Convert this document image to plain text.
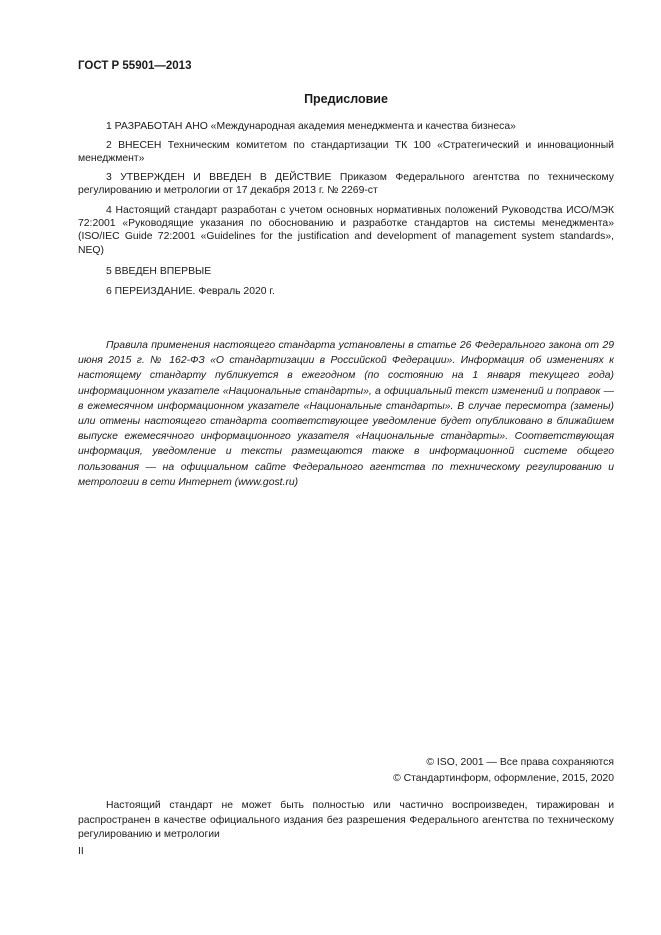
ГОСТ Р 55901—2013
Предисловие

1 РАЗРАБОТАН АНО «Международная академия менеджмента и качества бизнеса»

2 ВНЕСЕН Техническим комитетом по стандартизации ТК 100 «Стратегический и инновационный менеджмент»

3 УТВЕРЖДЕН И ВВЕДЕН В ДЕЙСТВИЕ Приказом Федерального агентства по техническому регулированию и метрологии от 17 декабря 2013 г. № 2269-ст

4 Настоящий стандарт разработан с учетом основных нормативных положений Руководства ИСО/МЭК 72:2001 «Руководящие указания по обоснованию и разработке стандартов на системы менеджмента» (ISO/IEC Guide 72:2001 «Guidelines for the justification and development of management system standards», NEQ)

5 ВВЕДЕН ВПЕРВЫЕ

6 ПЕРЕИЗДАНИЕ. Февраль 2020 г.

Правила применения настоящего стандарта установлены в статье 26 Федерального закона от 29 июня 2015 г. № 162-ФЗ «О стандартизации в Российской Федерации». Информация об изменениях к настоящему стандарту публикуется в ежегодном (по состоянию на 1 января текущего года) информационном указателе «Национальные стандарты», а официальный текст изменений и поправок — в ежемесячном информационном указателе «Национальные стандарты». В случае пересмотра (замены) или отмены настоящего стандарта соответствующее уведомление будет опубликовано в ближайшем выпуске ежемесячного информационного указателя «Национальные стандарты». Соответствующая информация, уведомление и тексты размещаются также в информационной системе общего пользования — на официальном сайте Федерального агентства по техническому регулированию и метрологии в сети Интернет (www.gost.ru)

© ISO, 2001 — Все права сохраняются
© Стандартинформ, оформление, 2015, 2020

Настоящий стандарт не может быть полностью или частично воспроизведен, тиражирован и распространен в качестве официального издания без разрешения Федерального агентства по техническому регулированию и метрологии

II
